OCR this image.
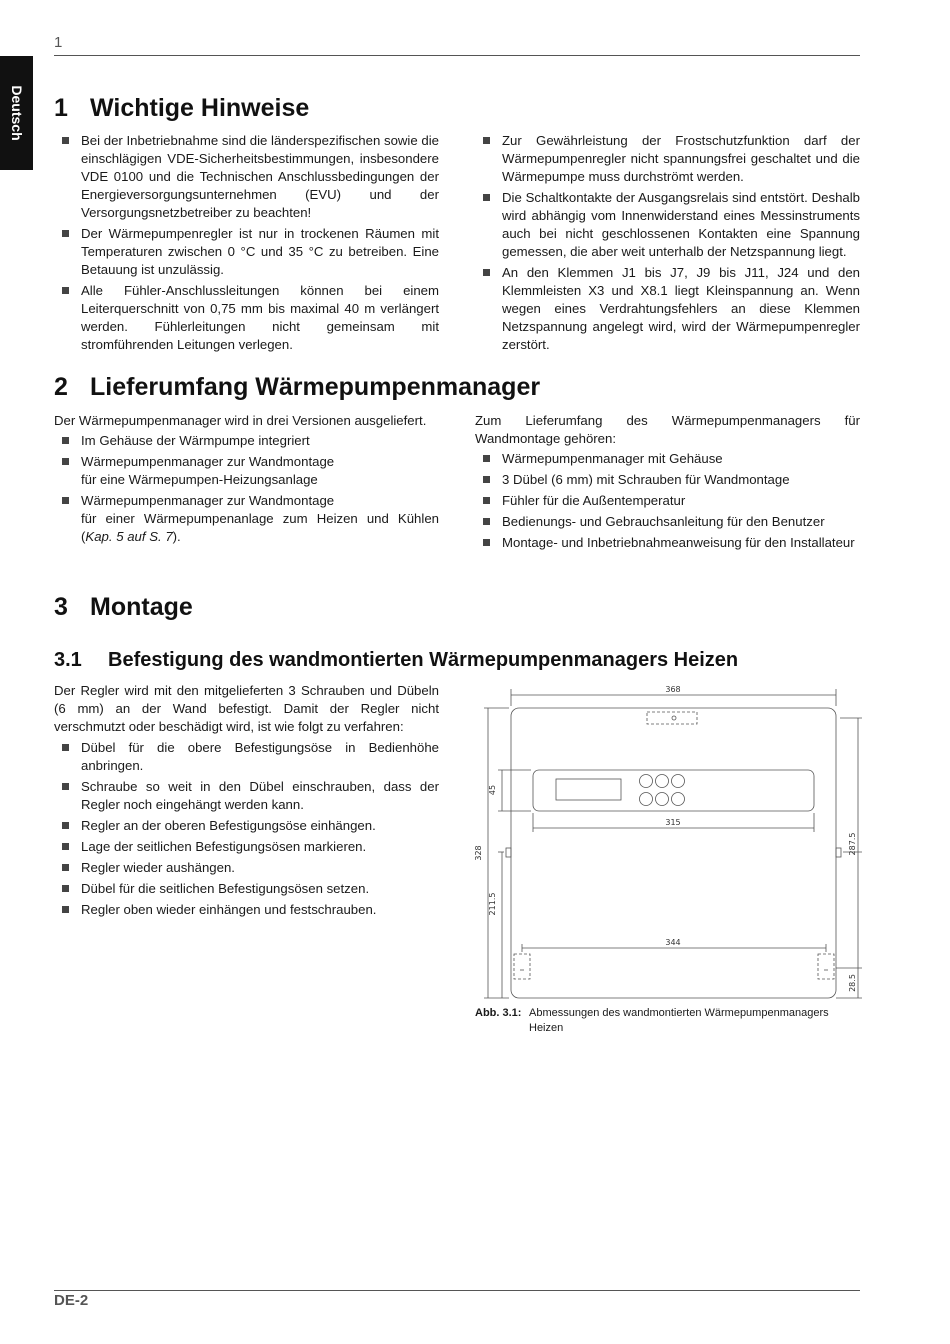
1
Deutsch 1 Wichtige Hinweise
Bei der Inbetriebnahme sind die länderspezifischen sowie die einschlägigen VDE-Sicherheitsbestimmungen, insbesondere VDE 0100 und die Technischen Anschlussbedingungen der Energieversorgungsunternehmen (EVU) und der Versorgungsnetzbetreiber zu beachten!
Der Wärmepumpenregler ist nur in trockenen Räumen mit Temperaturen zwischen 0 °C und 35 °C zu betreiben. Eine Betauung ist unzulässig.
Alle Fühler-Anschlussleitungen können bei einem Leiterquerschnitt von 0,75 mm bis maximal 40 m verlängert werden. Fühlerleitungen nicht gemeinsam mit stromführenden Leitungen verlegen.
Zur Gewährleistung der Frostschutzfunktion darf der Wärmepumpenregler nicht spannungsfrei geschaltet und die Wärmepumpe muss durchströmt werden.
Die Schaltkontakte der Ausgangsrelais sind entstört. Deshalb wird abhängig vom Innenwiderstand eines Messinstruments auch bei nicht geschlossenen Kontakten eine Spannung gemessen, die aber weit unterhalb der Netzspannung liegt.
An den Klemmen J1 bis J7, J9 bis J11, J24 und den Klemmleisten X3 und X8.1 liegt Kleinspannung an. Wenn wegen eines Verdrahtungsfehlers an diese Klemmen Netzspannung angelegt wird, wird der Wärmepumpenregler zerstört.
2 Lieferumfang Wärmepumpenmanager

Der Wärmepumpenmanager wird in drei Versionen ausgeliefert.

Im Gehäuse der Wärmpumpe integriert
Wärmepumpenmanager zur Wandmontage
für eine Wärmepumpen-Heizungsanlage
Wärmepumpenmanager zur Wandmontage

für einer Wärmepumpenanlage zum Heizen und Kühlen
(Kap. 5 auf S. 7).

Zum Lieferumfang des Wärmepumpenmanagers für Wandmontage gehören:

Wärmepumpenmanager mit Gehäuse
3 Dübel (6 mm) mit Schrauben für Wandmontage
Fühler für die Außentemperatur
Bedienungs- und Gebrauchsanleitung für den Benutzer
Montage- und Inbetriebnahmeanweisung für den Installateur
3 Montage
3.1 Befestigung des wandmontierten Wärmepumpenmanagers Heizen

Der Regler wird mit den mitgelieferten 3 Schrauben und Dübeln (6 mm) an der Wand befestigt. Damit der Regler nicht verschmutzt oder beschädigt wird, ist wie folgt zu verfahren:

Dübel für die obere Befestigungsöse in Bedienhöhe anbringen.
Schraube so weit in den Dübel einschrauben, dass der Regler noch eingehängt werden kann.
Regler an der oberen Befestigungsöse einhängen.
Lage der seitlichen Befestigungsösen markieren.
Regler wieder aushängen.
Dübel für die seitlichen Befestigungsösen setzen.
Regler oben wieder einhängen und festschrauben.
368
315
344
328
45
211.5
287.5
28.5
Abb. 3.1: Abmessungen des wandmontierten Wärmepumpenmanagers Heizen
DE-2
